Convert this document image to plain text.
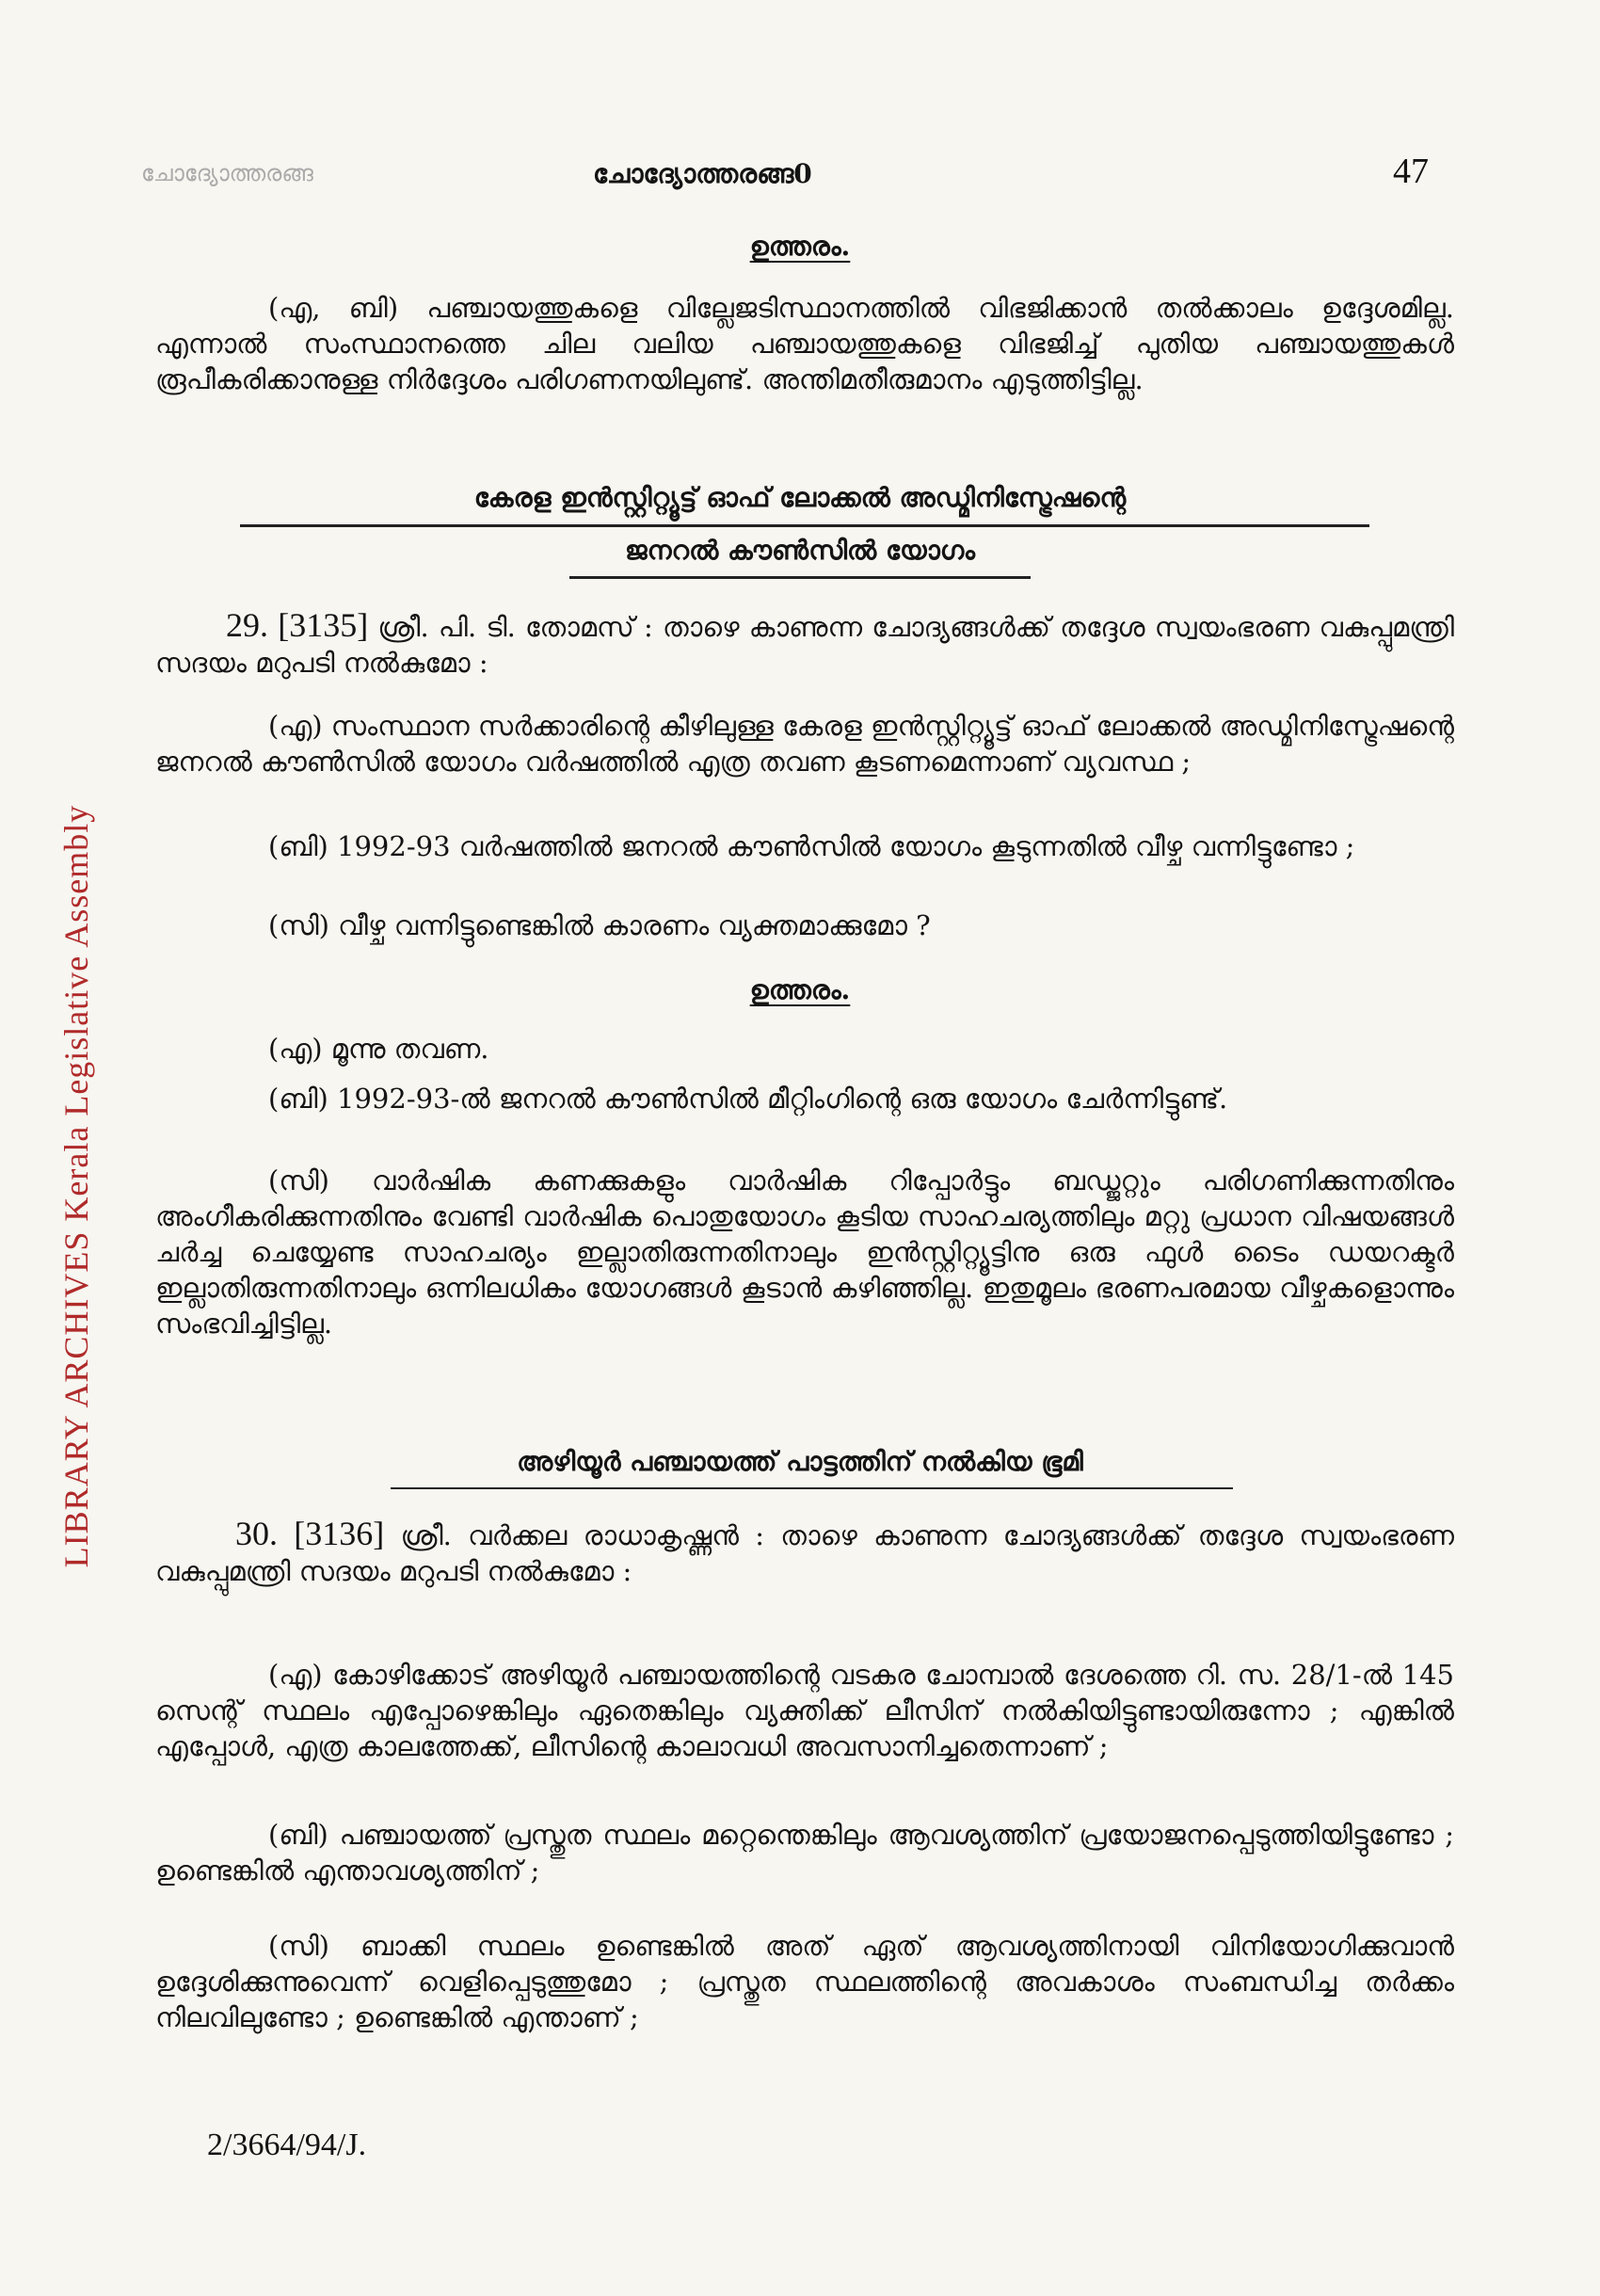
LIBRARY ARCHIVES Kerala Legislative Assembly
ചോദ്യോത്തരങ്ങ	ചോദ്യോത്തരങ്ങ0	47
ഉത്തരം.
(എ, ബി) പഞ്ചായത്തുകളെ വില്ലേജടിസ്ഥാനത്തിൽ വിഭജിക്കാൻ തൽക്കാലം ഉദ്ദേശമില്ല. എന്നാൽ സംസ്ഥാനത്തെ ചില വലിയ പഞ്ചായത്തുകളെ വിഭജിച്ച് പുതിയ പഞ്ചായത്തുകൾ രൂപീകരിക്കാനുള്ള നിർദ്ദേശം പരിഗണനയിലുണ്ട്. അന്തിമതീരുമാനം എടുത്തിട്ടില്ല.
കേരള ഇൻസ്റ്റിറ്റ്യൂട്ട് ഓഫ് ലോക്കൽ അഡ്മിനിസ്ട്രേഷന്റെ
ജനറൽ കൗൺസിൽ യോഗം
29. [3135] ശ്രീ. പി. ടി. തോമസ് : താഴെ കാണുന്ന ചോദ്യങ്ങൾക്ക് തദ്ദേശ സ്വയംഭരണ വകുപ്പുമന്ത്രി സദയം മറുപടി നൽകുമോ :
(എ) സംസ്ഥാന സർക്കാരിന്റെ കീഴിലുള്ള കേരള ഇൻസ്റ്റിറ്റ്യൂട്ട് ഓഫ് ലോക്കൽ അഡ്മിനിസ്ട്രേഷന്റെ ജനറൽ കൗൺസിൽ യോഗം വർഷത്തിൽ എത്ര തവണ കൂടണമെന്നാണ് വ്യവസ്ഥ ;
(ബി) 1992-93 വർഷത്തിൽ ജനറൽ കൗൺസിൽ യോഗം കൂടുന്നതിൽ വീഴ്ച വന്നിട്ടുണ്ടോ ;
(സി) വീഴ്ച വന്നിട്ടുണ്ടെങ്കിൽ കാരണം വ്യക്തമാക്കുമോ ?
ഉത്തരം.
(എ) മൂന്നു തവണ.
(ബി) 1992-93-ൽ ജനറൽ കൗൺസിൽ മീറ്റിംഗിന്റെ ഒരു യോഗം ചേർന്നിട്ടുണ്ട്.
(സി) വാർഷിക കണക്കുകളും വാർഷിക റിപ്പോർട്ടും ബഡ്ജറ്റും പരിഗണിക്കുന്നതിനും അംഗീകരിക്കുന്നതിനും വേണ്ടി വാർഷിക പൊതുയോഗം കൂടിയ സാഹചര്യത്തിലും മറ്റു പ്രധാന വിഷയങ്ങൾ ചർച്ച ചെയ്യേണ്ട സാഹചര്യം ഇല്ലാതിരുന്നതിനാലും ഇൻസ്റ്റിറ്റ്യൂട്ടിനു ഒരു ഫുൾ ടൈം ഡയറക്ടർ ഇല്ലാതിരുന്നതിനാലും ഒന്നിലധികം യോഗങ്ങൾ കൂടാൻ കഴിഞ്ഞില്ല. ഇതുമൂലം ഭരണപരമായ വീഴ്ചകളൊന്നും സംഭവിച്ചിട്ടില്ല.
അഴിയൂർ പഞ്ചായത്ത് പാട്ടത്തിന് നൽകിയ ഭൂമി
30. [3136] ശ്രീ. വർക്കല രാധാകൃഷ്ണൻ : താഴെ കാണുന്ന ചോദ്യങ്ങൾക്ക് തദ്ദേശ സ്വയംഭരണ വകുപ്പുമന്ത്രി സദയം മറുപടി നൽകുമോ :
(എ) കോഴിക്കോട് അഴിയൂർ പഞ്ചായത്തിന്റെ വടകര ചോമ്പാൽ ദേശത്തെ റി. സ. 28/1-ൽ 145 സെന്റ് സ്ഥലം എപ്പോഴെങ്കിലും ഏതെങ്കിലും വ്യക്തിക്ക് ലീസിന് നൽകിയിട്ടുണ്ടായിരുന്നോ ; എങ്കിൽ എപ്പോൾ, എത്ര കാലത്തേക്ക്, ലീസിന്റെ കാലാവധി അവസാനിച്ചതെന്നാണ് ;
(ബി) പഞ്ചായത്ത് പ്രസ്തുത സ്ഥലം മറ്റെന്തെങ്കിലും ആവശ്യത്തിന് പ്രയോജനപ്പെടുത്തിയിട്ടുണ്ടോ ; ഉണ്ടെങ്കിൽ എന്താവശ്യത്തിന് ;
(സി) ബാക്കി സ്ഥലം ഉണ്ടെങ്കിൽ അത് ഏത് ആവശ്യത്തിനായി വിനിയോഗിക്കുവാൻ ഉദ്ദേശിക്കുന്നുവെന്ന് വെളിപ്പെടുത്തുമോ ; പ്രസ്തുത സ്ഥലത്തിന്റെ അവകാശം സംബന്ധിച്ച തർക്കം നിലവിലുണ്ടോ ; ഉണ്ടെങ്കിൽ എന്താണ് ;
2/3664/94/J.
